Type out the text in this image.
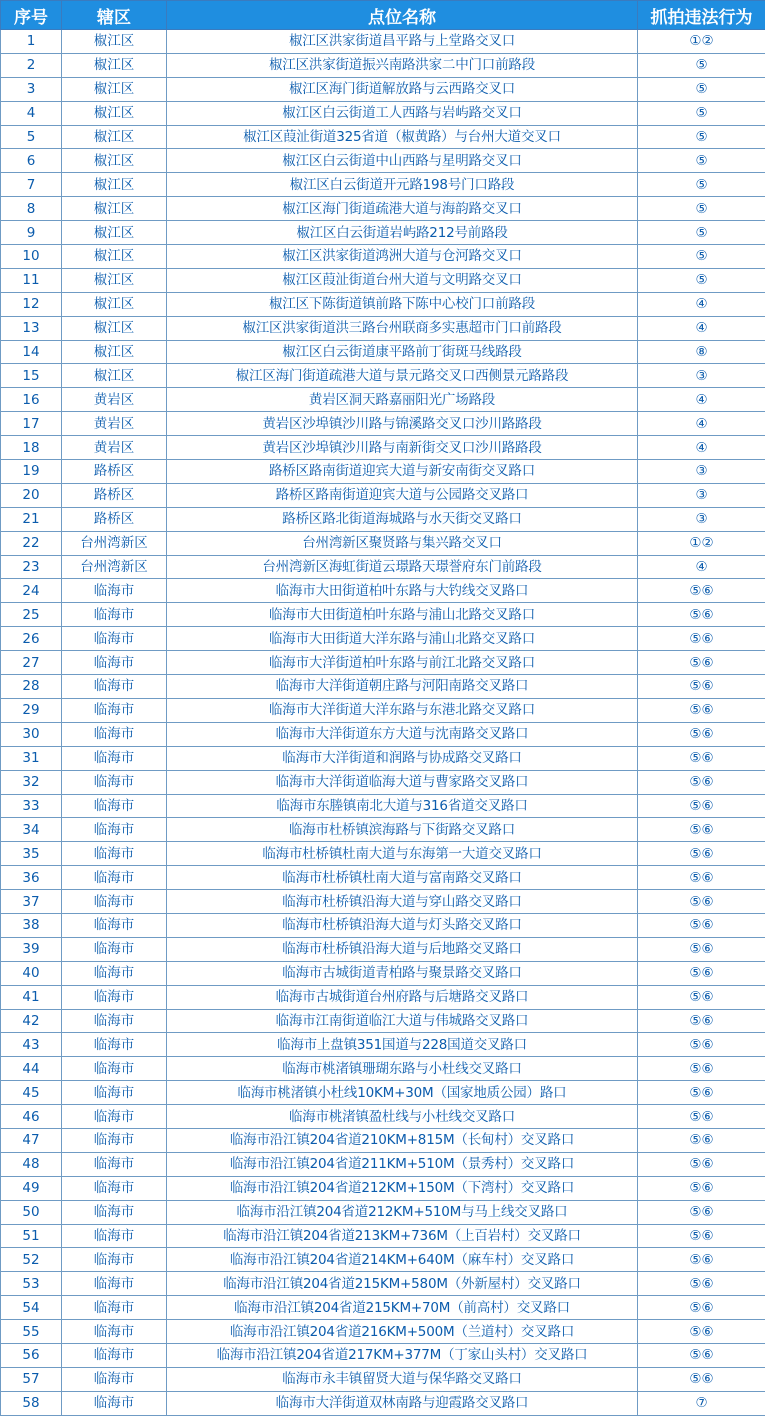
序号	辖区	点位名称	抓拍违法行为
1	椒江区	椒江区洪家街道昌平路与上堂路交叉口	①②
2	椒江区	椒江区洪家街道振兴南路洪家二中门口前路段	⑤
3	椒江区	椒江区海门街道解放路与云西路交叉口	⑤
4	椒江区	椒江区白云街道工人西路与岩屿路交叉口	⑤
5	椒江区	椒江区葭沚街道325省道（椒黄路）与台州大道交叉口	⑤
6	椒江区	椒江区白云街道中山西路与星明路交叉口	⑤
7	椒江区	椒江区白云街道开元路198号门口路段	⑤
8	椒江区	椒江区海门街道疏港大道与海韵路交叉口	⑤
9	椒江区	椒江区白云街道岩屿路212号前路段	⑤
10	椒江区	椒江区洪家街道鸿洲大道与仓河路交叉口	⑤
11	椒江区	椒江区葭沚街道台州大道与文明路交叉口	⑤
12	椒江区	椒江区下陈街道镇前路下陈中心校门口前路段	④
13	椒江区	椒江区洪家街道洪三路台州联商多实惠超市门口前路段	④
14	椒江区	椒江区白云街道康平路前丁街斑马线路段	⑧
15	椒江区	椒江区海门街道疏港大道与景元路交叉口西侧景元路路段	③
16	黄岩区	黄岩区洞天路嘉丽阳光广场路段	④
17	黄岩区	黄岩区沙埠镇沙川路与锦溪路交叉口沙川路路段	④
18	黄岩区	黄岩区沙埠镇沙川路与南新街交叉口沙川路路段	④
19	路桥区	路桥区路南街道迎宾大道与新安南街交叉路口	③
20	路桥区	路桥区路南街道迎宾大道与公园路交叉路口	③
21	路桥区	路桥区路北街道海城路与水天街交叉路口	③
22	台州湾新区	台州湾新区聚贤路与集兴路交叉口	①②
23	台州湾新区	台州湾新区海虹街道云璟路天璟誉府东门前路段	④
24	临海市	临海市大田街道柏叶东路与大钓线交叉路口	⑤⑥
25	临海市	临海市大田街道柏叶东路与浦山北路交叉路口	⑤⑥
26	临海市	临海市大田街道大洋东路与浦山北路交叉路口	⑤⑥
27	临海市	临海市大洋街道柏叶东路与前江北路交叉路口	⑤⑥
28	临海市	临海市大洋街道朝庄路与河阳南路交叉路口	⑤⑥
29	临海市	临海市大洋街道大洋东路与东港北路交叉路口	⑤⑥
30	临海市	临海市大洋街道东方大道与沈南路交叉路口	⑤⑥
31	临海市	临海市大洋街道和润路与协成路交叉路口	⑤⑥
32	临海市	临海市大洋街道临海大道与曹家路交叉路口	⑤⑥
33	临海市	临海市东塍镇南北大道与316省道交叉路口	⑤⑥
34	临海市	临海市杜桥镇滨海路与下街路交叉路口	⑤⑥
35	临海市	临海市杜桥镇杜南大道与东海第一大道交叉路口	⑤⑥
36	临海市	临海市杜桥镇杜南大道与富南路交叉路口	⑤⑥
37	临海市	临海市杜桥镇沿海大道与穿山路交叉路口	⑤⑥
38	临海市	临海市杜桥镇沿海大道与灯头路交叉路口	⑤⑥
39	临海市	临海市杜桥镇沿海大道与后地路交叉路口	⑤⑥
40	临海市	临海市古城街道青柏路与聚景路交叉路口	⑤⑥
41	临海市	临海市古城街道台州府路与后塘路交叉路口	⑤⑥
42	临海市	临海市江南街道临江大道与伟城路交叉路口	⑤⑥
43	临海市	临海市上盘镇351国道与228国道交叉路口	⑤⑥
44	临海市	临海市桃渚镇珊瑚东路与小杜线交叉路口	⑤⑥
45	临海市	临海市桃渚镇小杜线10KM+30M（国家地质公园）路口	⑤⑥
46	临海市	临海市桃渚镇盈杜线与小杜线交叉路口	⑤⑥
47	临海市	临海市沿江镇204省道210KM+815M（长甸村）交叉路口	⑤⑥
48	临海市	临海市沿江镇204省道211KM+510M（景秀村）交叉路口	⑤⑥
49	临海市	临海市沿江镇204省道212KM+150M（下湾村）交叉路口	⑤⑥
50	临海市	临海市沿江镇204省道212KM+510M与马上线交叉路口	⑤⑥
51	临海市	临海市沿江镇204省道213KM+736M（上百岩村）交叉路口	⑤⑥
52	临海市	临海市沿江镇204省道214KM+640M（麻车村）交叉路口	⑤⑥
53	临海市	临海市沿江镇204省道215KM+580M（外新屋村）交叉路口	⑤⑥
54	临海市	临海市沿江镇204省道215KM+70M（前高村）交叉路口	⑤⑥
55	临海市	临海市沿江镇204省道216KM+500M（兰道村）交叉路口	⑤⑥
56	临海市	临海市沿江镇204省道217KM+377M（丁家山头村）交叉路口	⑤⑥
57	临海市	临海市永丰镇留贤大道与保华路交叉路口	⑤⑥
58	临海市	临海市大洋街道双林南路与迎霞路交叉路口	⑦
